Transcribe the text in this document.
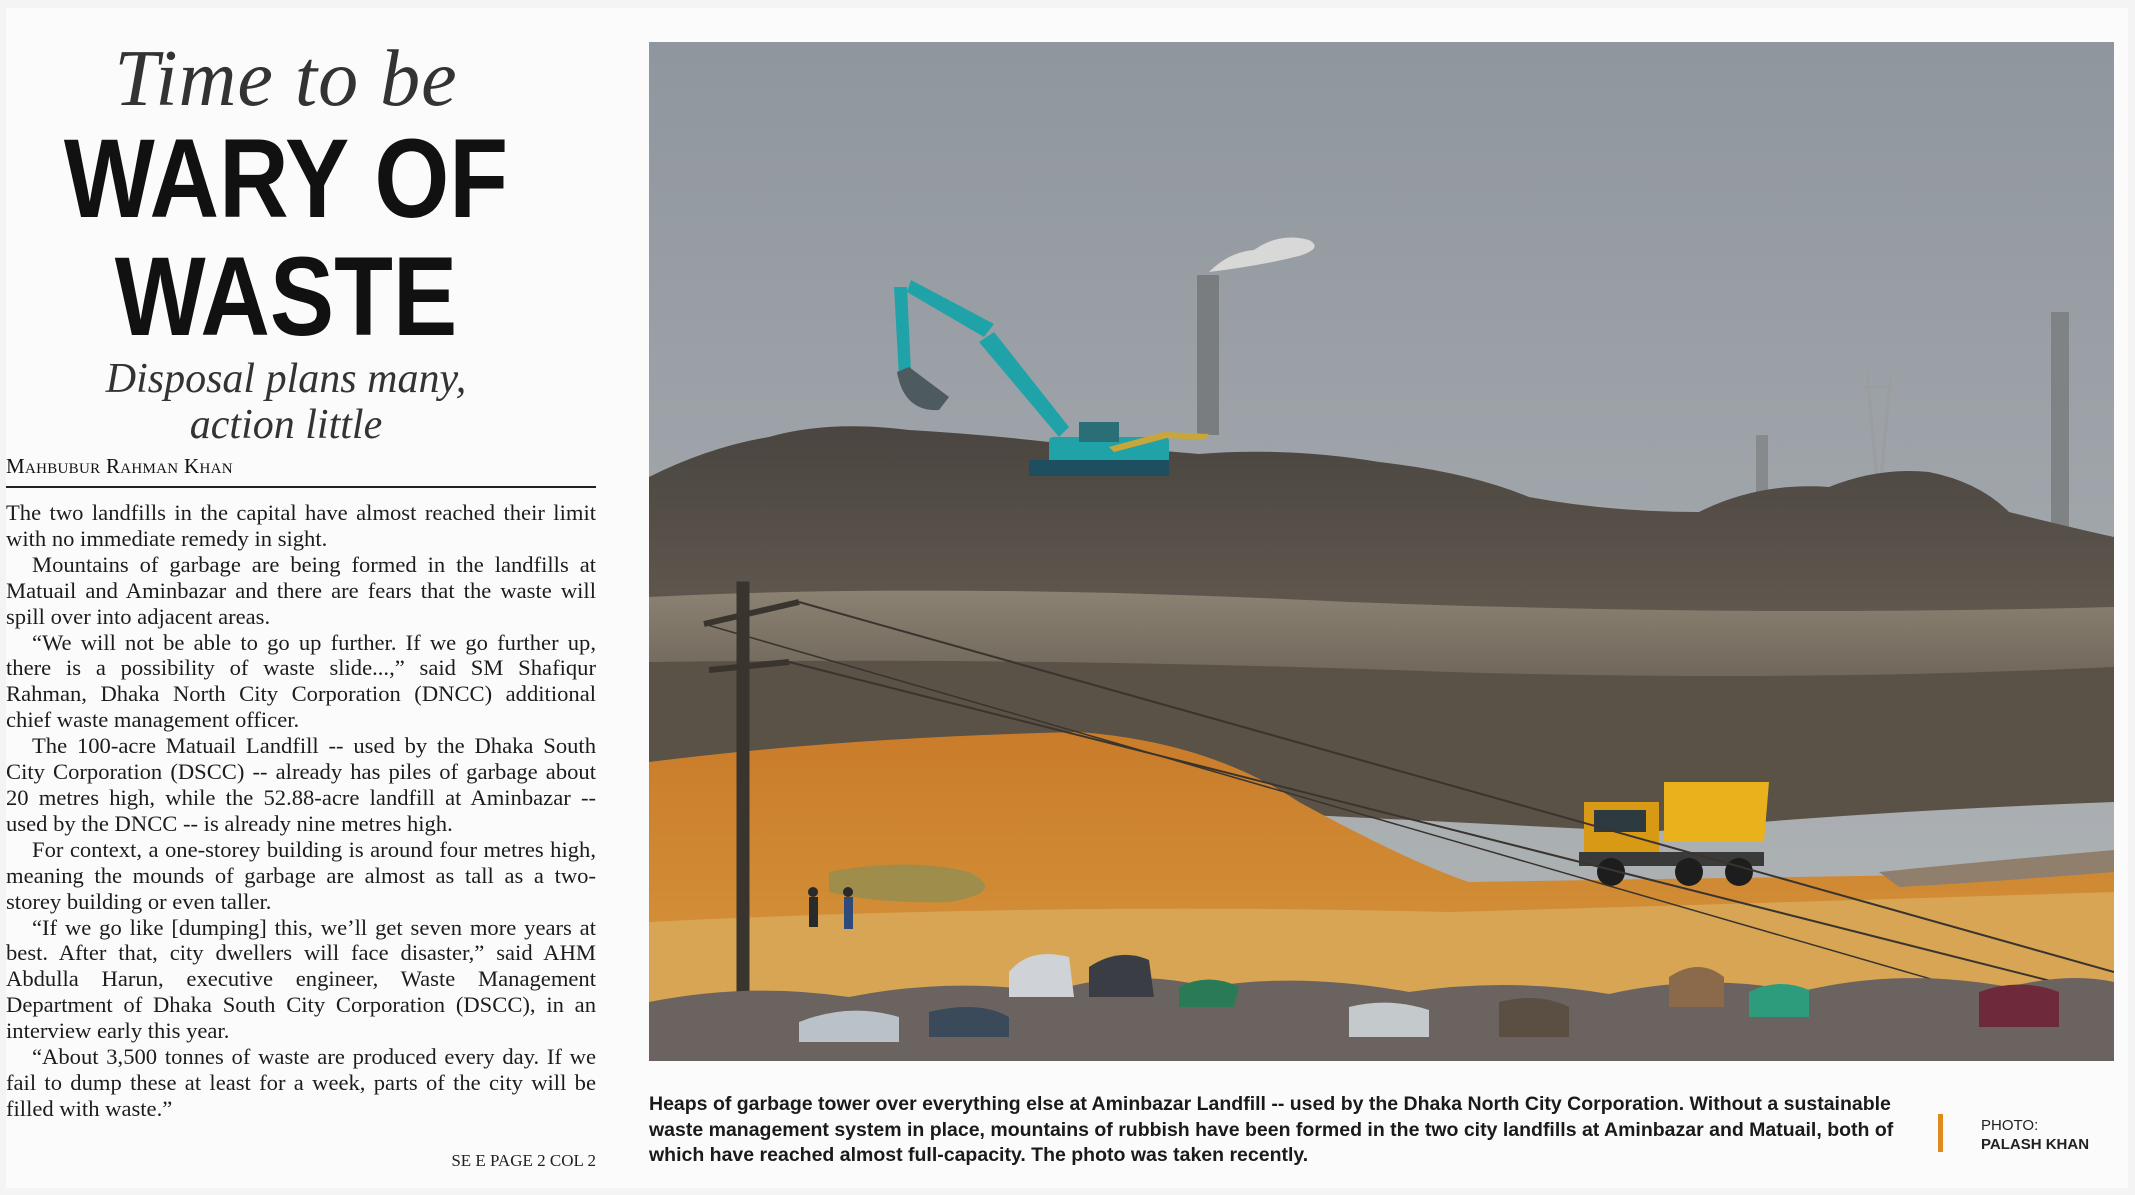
Time to be
WARY OF
WASTE
Disposal plans many,
action little
Mahbubur Rahman Khan

The two landfills in the capital have almost reached their limit with no immediate remedy in sight.

Mountains of garbage are being formed in the landfills at Matuail and Aminbazar and there are fears that the waste will spill over into adjacent areas.

“We will not be able to go up further. If we go further up, there is a possibility of waste slide...,” said SM Shafiqur Rahman, Dhaka North City Corporation (DNCC) additional chief waste management officer.

The 100-acre Matuail Landfill -- used by the Dhaka South City Corporation (DSCC) -- already has piles of garbage about 20 metres high, while the 52.88-acre landfill at Aminbazar -- used by the DNCC -- is already nine metres high.

For context, a one-storey building is around four metres high, meaning the mounds of garbage are almost as tall as a two-storey building or even taller.

“If we go like [dumping] this, we’ll get seven more years at best. After that, city dwellers will face disaster,” said AHM Abdulla Harun, executive engineer, Waste Management Department of Dhaka South City Corporation (DSCC), in an interview early this year.

“About 3,500 tonnes of waste are produced every day. If we fail to dump these at least for a week, parts of the city will be filled with waste.”

SE E PAGE 2 COL 2
Heaps of garbage tower over everything else at Aminbazar Landfill -- used by the Dhaka North City Corporation. Without a sustainable waste management system in place, mountains of rubbish have been formed in the two city landfills at Aminbazar and Matuail, both of which have reached almost full-capacity. The photo was taken recently.
PHOTO:
PALASH KHAN
